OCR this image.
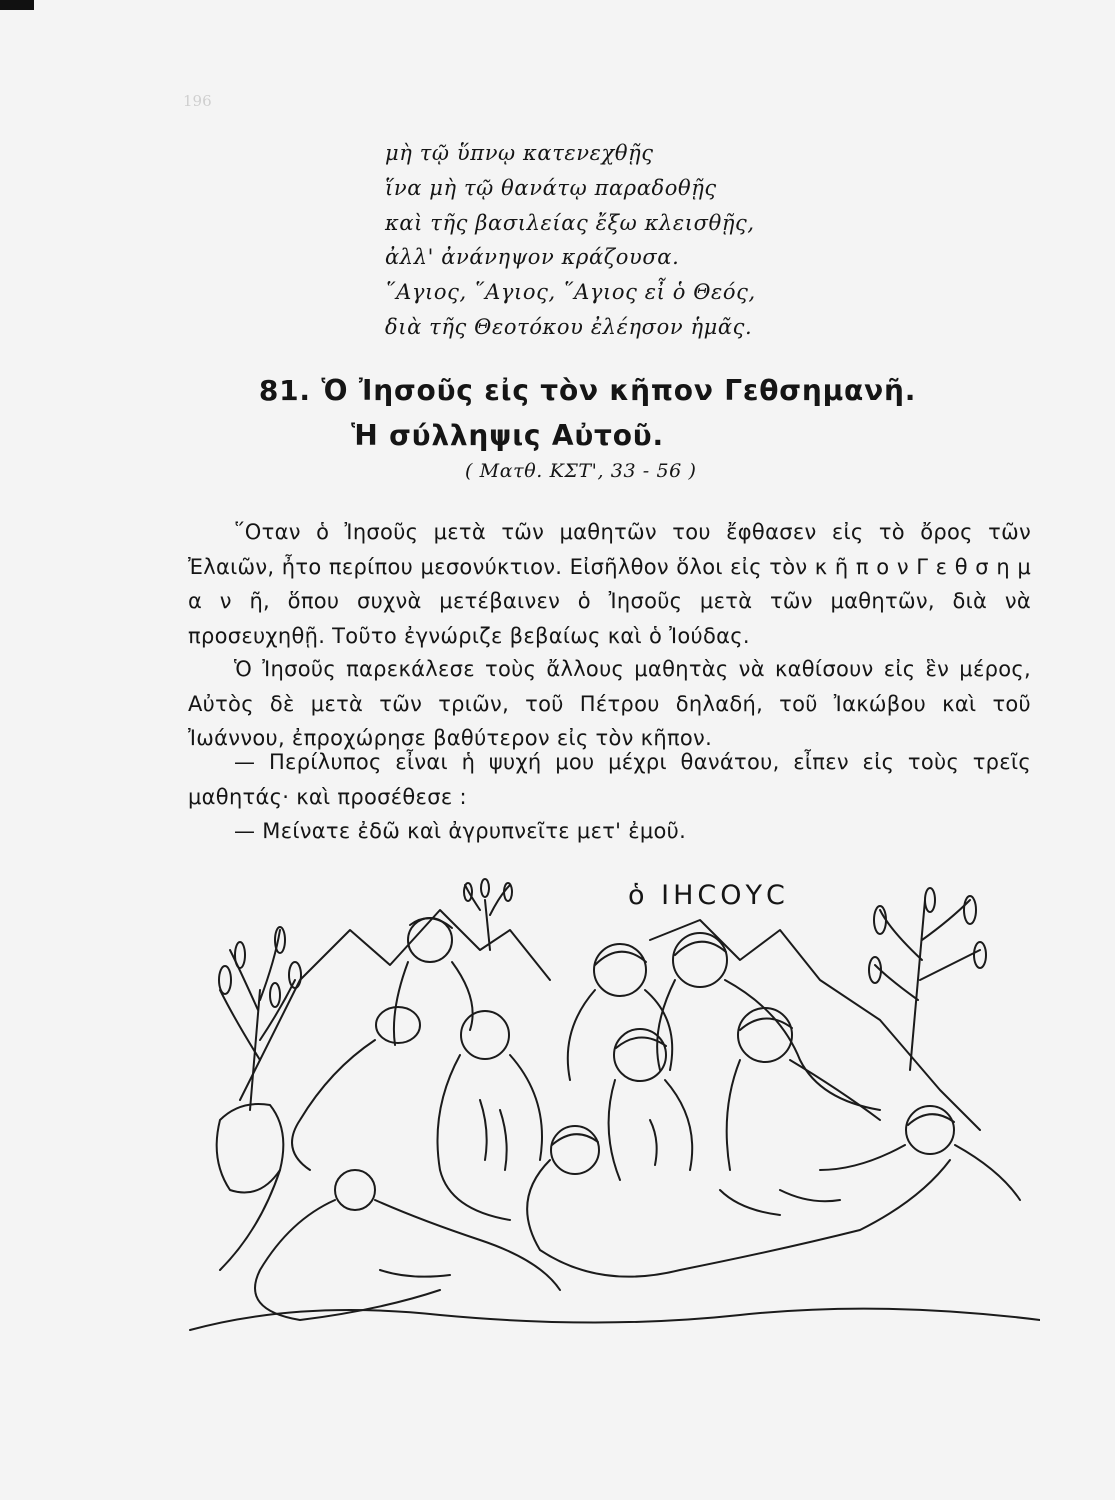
196
μὴ τῷ ὕπνῳ κατενεχθῇς
ἵνα μὴ τῷ θανάτῳ παραδοθῇς
καὶ τῆς βασιλείας ἔξω κλεισθῇς,
ἀλλ' ἀνάνηψον κράζουσα.
῞Αγιος, ῞Αγιος, ῞Αγιος εἶ ὁ Θεός,
διὰ τῆς Θεοτόκου ἐλέησον ἡμᾶς.
81. Ὁ Ἰησοῦς εἰς τὸν κῆπον Γεθσημανῆ.
Ἡ σύλληψις Αὐτοῦ.
( Ματθ. ΚΣΤ', 33 - 56 )
῞Οταν ὁ Ἰησοῦς μετὰ τῶν μαθητῶν του ἔφθασεν εἰς τὸ ὄρος τῶν Ἐλαιῶν, ἦτο περίπου μεσονύκτιον. Εἰσῆλθον ὅλοι εἰς τὸν κ ῆ π ο ν Γ ε θ σ η μ α ν ῆ, ὅπου συχνὰ μετέβαινεν ὁ Ἰησοῦς μετὰ τῶν μαθητῶν, διὰ νὰ προσευχηθῇ. Τοῦτο ἐγνώριζε βεβαίως καὶ ὁ Ἰούδας.
Ὁ Ἰησοῦς παρεκάλεσε τοὺς ἄλλους μαθητὰς νὰ καθίσουν εἰς ἓν μέρος, Αὐτὸς δὲ μετὰ τῶν τριῶν, τοῦ Πέτρου δηλαδή, τοῦ Ἰακώβου καὶ τοῦ Ἰωάννου, ἐπροχώρησε βαθύτερον εἰς τὸν κῆπον.
— Περίλυπος εἶναι ἡ ψυχή μου μέχρι θανάτου, εἶπεν εἰς τοὺς τρεῖς μαθητάς· καὶ προσέθεσε :
— Μείνατε ἐδῶ καὶ ἀγρυπνεῖτε μετ' ἐμοῦ.
ὁ ΙΗϹΟΥϹ
